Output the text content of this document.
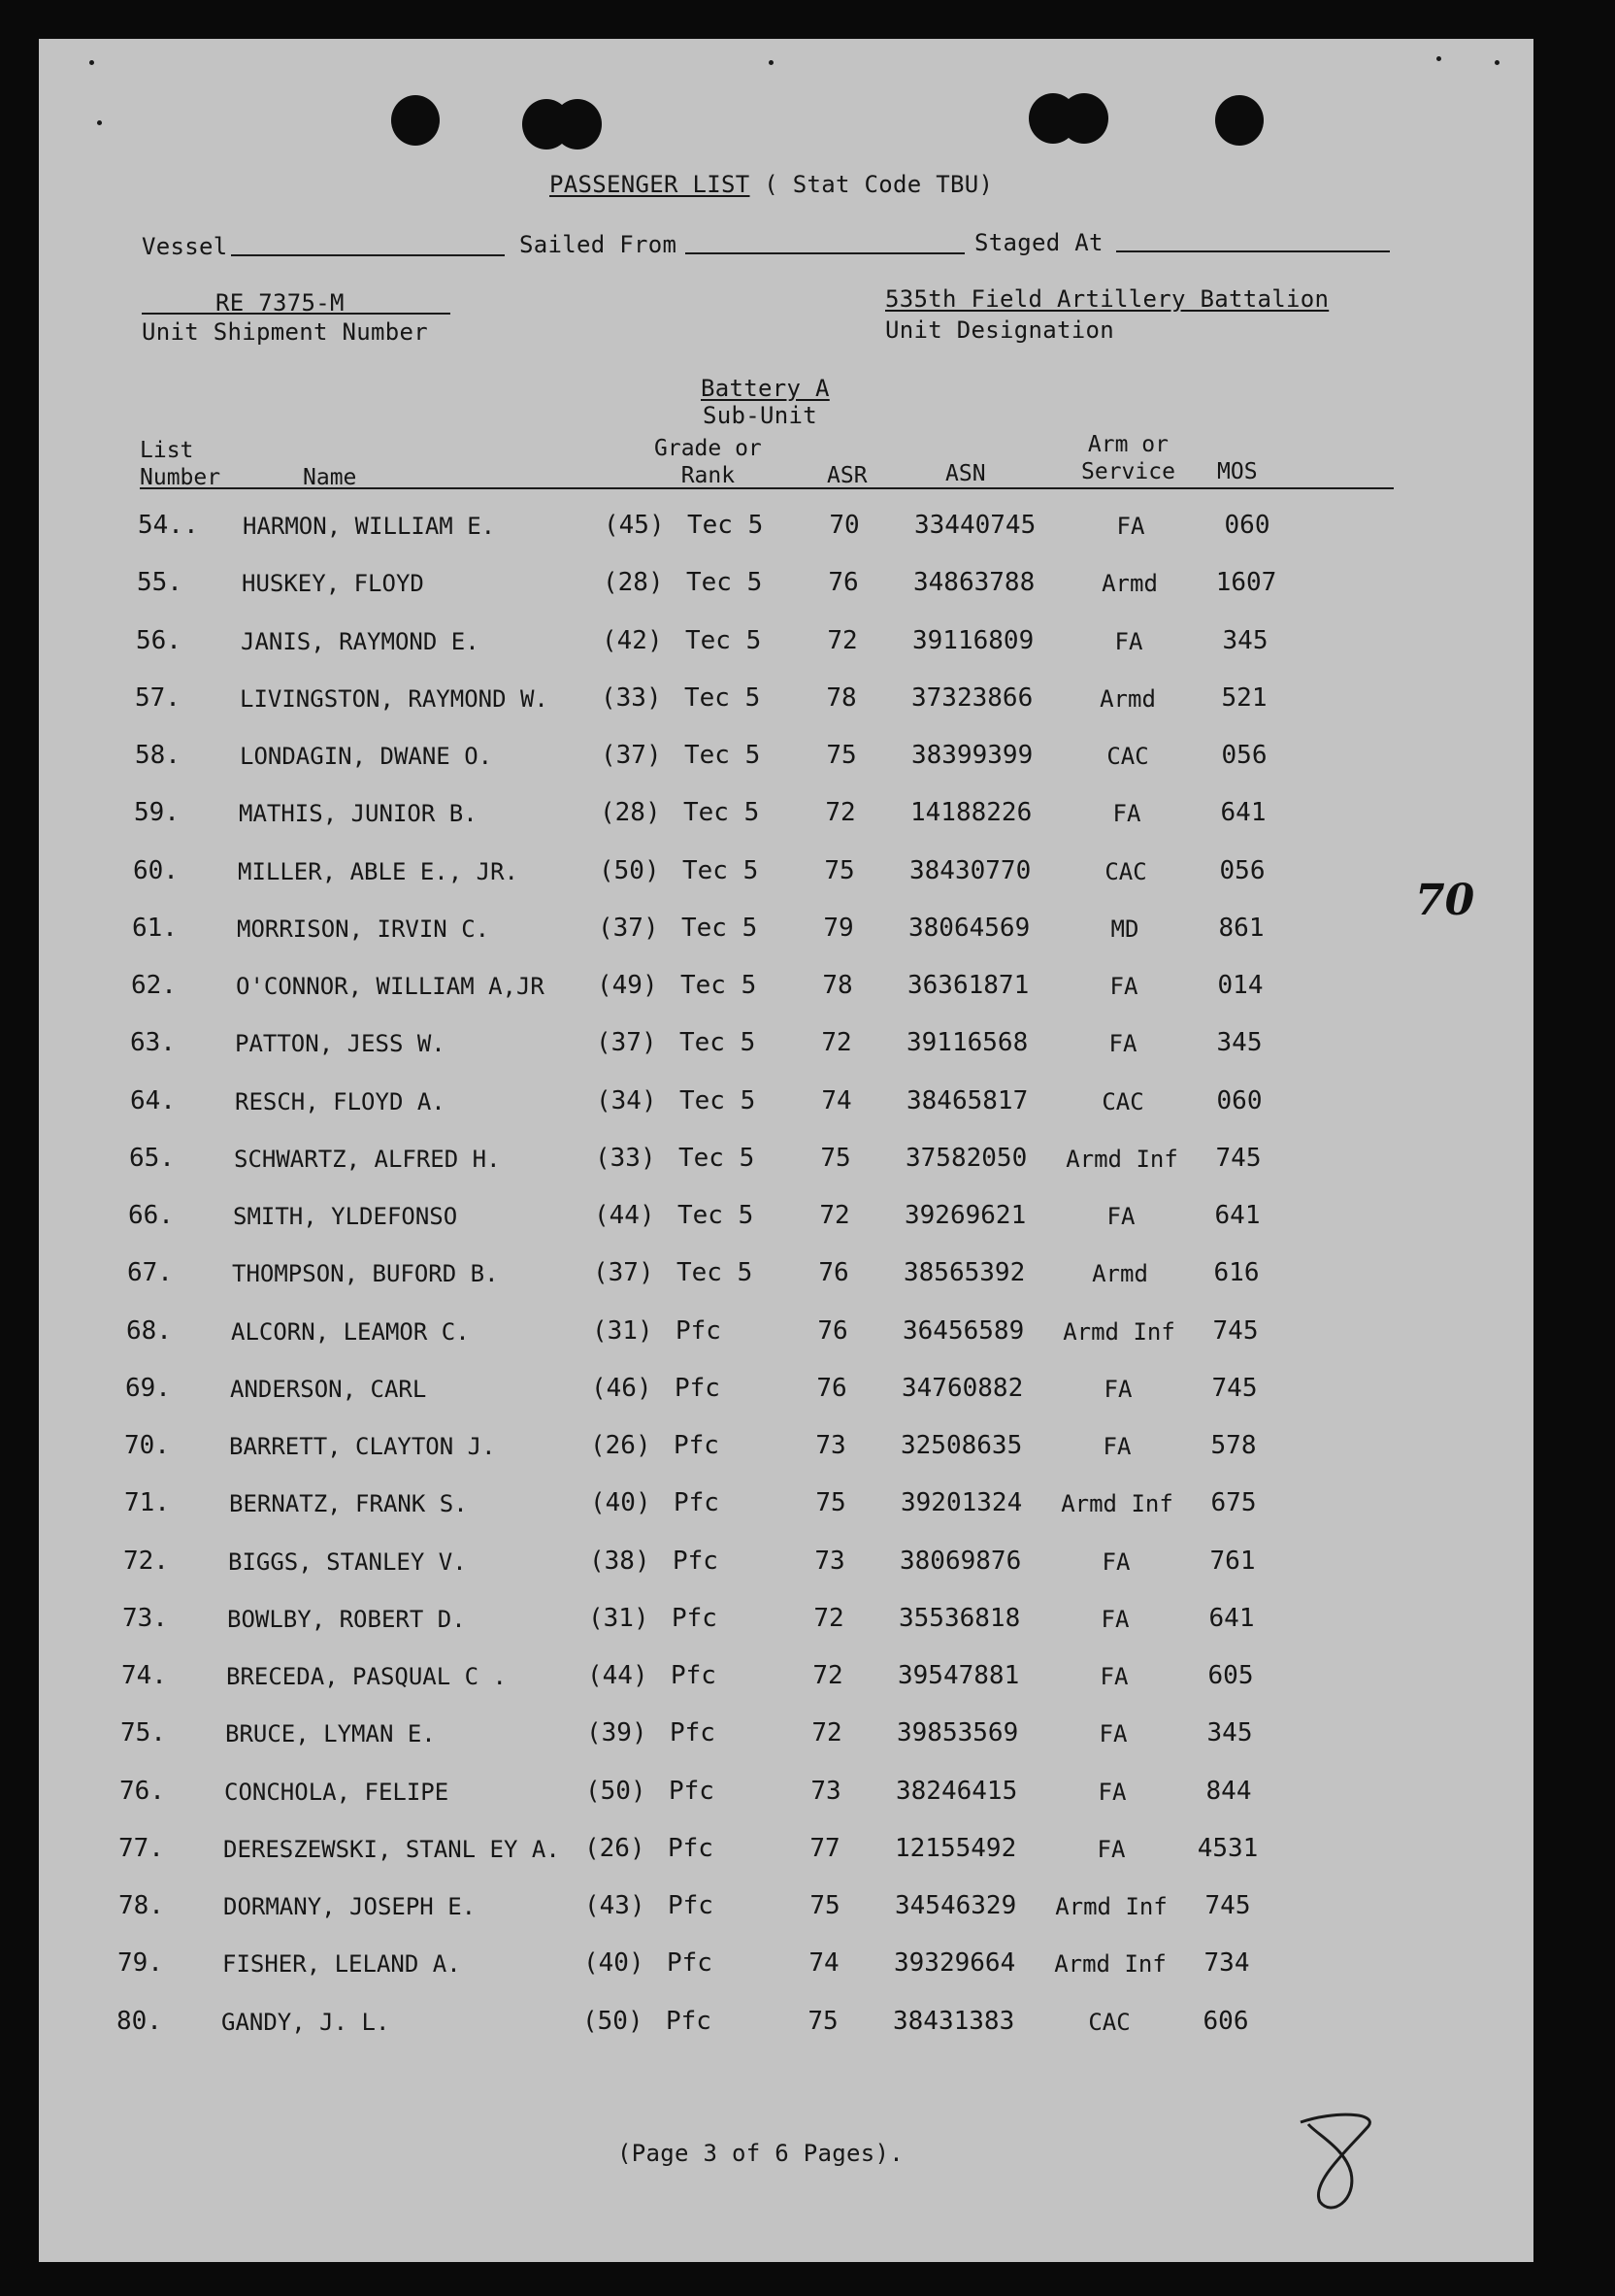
PASSENGER LIST ( Stat Code TBU)
Vessel	Sailed From	Staged At
RE 7375-M
Unit Shipment Number
535th Field Artillery Battalion
Unit Designation
Battery A
Sub-Unit
List
Number	Name
Grade or
Rank	ASR	ASN
Arm or
Service MOS
54.. HARMON, WILLIAM E.	(45) Tec 5	70	33440745	FA	060
55.	HUSKEY, FLOYD	(28) Tec 5	76	34863788	Armd	1607
56.	JANIS, RAYMOND E.	(42) Tec 5	72	39116809	FA	345
57.	LIVINGSTON, RAYMOND W. (33) Tec 5	78	37323866	Armd	521
58.	LONDAGIN, DWANE O.	(37) Tec 5	75	38399399	CAC	056
59.	MATHIS, JUNIOR B.	(28) Tec 5	72	14188226	FA	641
60.	MILLER, ABLE E., JR.	(50) Tec 5	75	38430770	CAC	056
61.	MORRISON, IRVIN C.	(37) Tec 5	79	38064569	MD	861
62.	O'CONNOR, WILLIAM A,JR (49) Tec 5	78	36361871	FA	014
63.	PATTON, JESS W.	(37) Tec 5	72	39116568	FA	345
64.	RESCH, FLOYD A.	(34) Tec 5	74	38465817	CAC	060
65.	SCHWARTZ, ALFRED H.	(33) Tec 5	75	37582050	Armd Inf	745
66.	SMITH, YLDEFONSO	(44) Tec 5	72	39269621	FA	641
67.	THOMPSON, BUFORD B.	(37) Tec 5	76	38565392	Armd	616
68.	ALCORN, LEAMOR C.	(31) Pfc	76	36456589	Armd Inf	745
69.	ANDERSON, CARL	(46) Pfc	76	34760882	FA	745
70.	BARRETT, CLAYTON J.	(26) Pfc	73	32508635	FA	578
71.	BERNATZ, FRANK S.	(40) Pfc	75	39201324	Armd Inf	675
72.	BIGGS, STANLEY V.	(38) Pfc	73	38069876	FA	761
73.	BOWLBY, ROBERT D.	(31) Pfc	72	35536818	FA	641
74.	BRECEDA, PASQUAL C .	(44) Pfc	72	39547881	FA	605
75.	BRUCE, LYMAN E.	(39) Pfc	72	39853569	FA	345
76.	CONCHOLA, FELIPE	(50) Pfc	73	38246415	FA	844
77.	DERESZEWSKI, STANL EY A. (26) Pfc	77	12155492	FA	4531
78.	DORMANY, JOSEPH E.	(43) Pfc	75	34546329	Armd Inf	745
79.	FISHER, LELAND A.	(40) Pfc	74	39329664	Armd Inf	734
80.	GANDY, J. L.	(50) Pfc	75	38431383	CAC	606
70
(Page 3 of 6 Pages).
